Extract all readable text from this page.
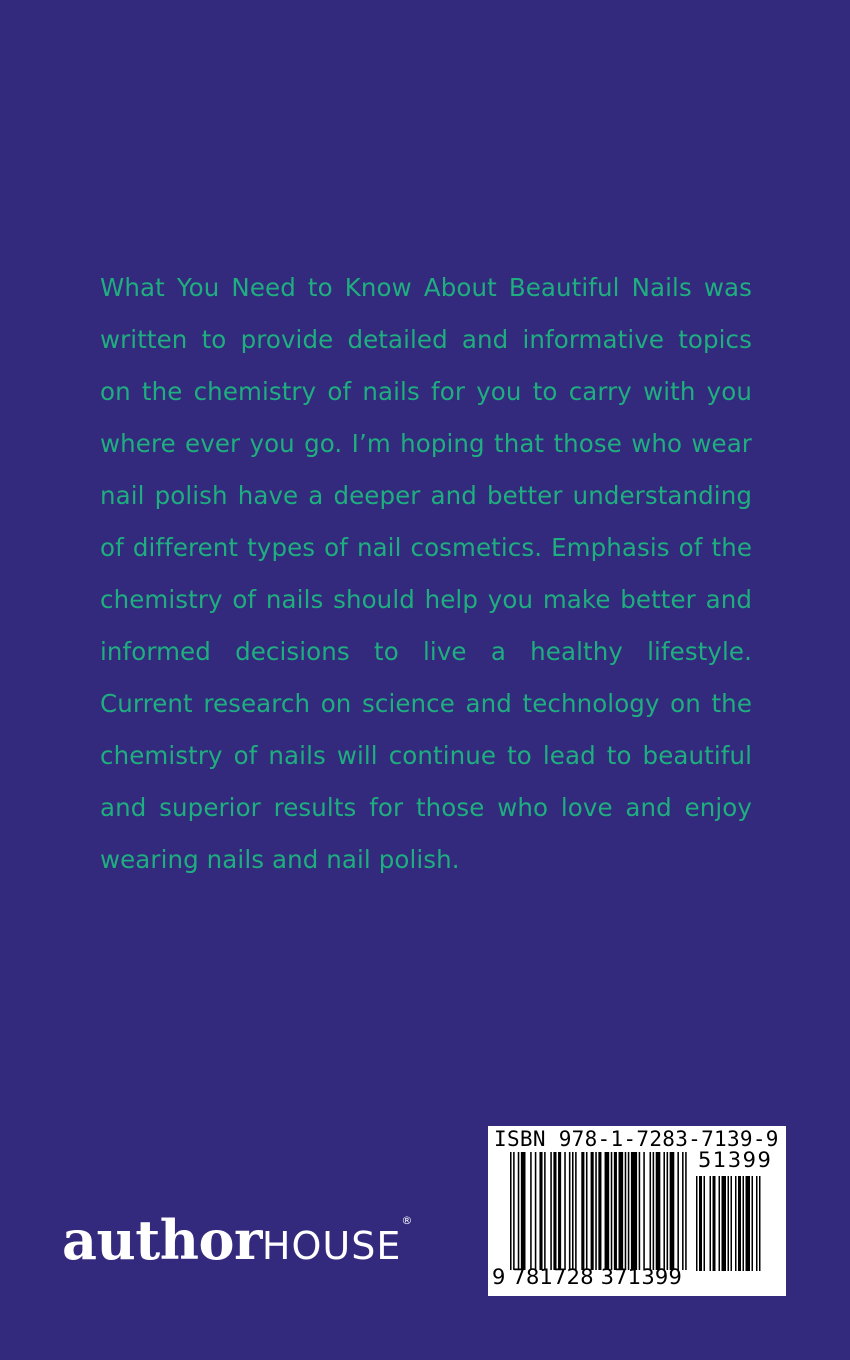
What You Need to Know About Beautiful Nails was written to provide detailed and informative topics on the chemistry of nails for you to carry with you where ever you go. I’m hoping that those who wear nail polish have a deeper and better understanding of different types of nail cosmetics. Emphasis of the chemistry of nails should help you make better and informed decisions to live a healthy lifestyle. Current research on science and technology on the chemistry of nails will continue to lead to beautiful and superior results for those who love and enjoy wearing nails and nail polish.

authorHOUSE®
ISBN 978-1-7283-7139-9
51399
9 781728 371399
